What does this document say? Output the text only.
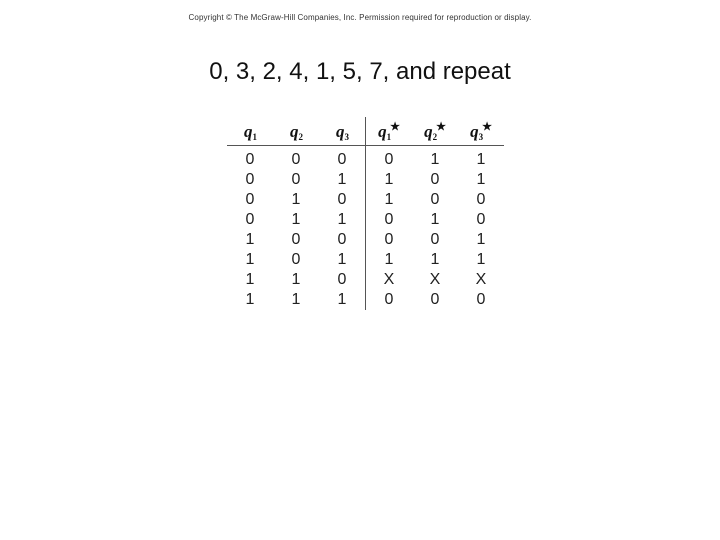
Copyright © The McGraw-Hill Companies, Inc. Permission required for reproduction or display.
0, 3, 2, 4, 1, 5, 7, and repeat
$q_1$	$q_2$	$q_3$	$q_1^★$	$q_2^★$	$q_3^★$
0	0	0	0	1	1
0	0	1	1	0	1
0	1	0	1	0	0
0	1	1	0	1	0
1	0	0	0	0	1
1	0	1	1	1	1
1	1	0	X	X	X
1	1	1	0	0	0
